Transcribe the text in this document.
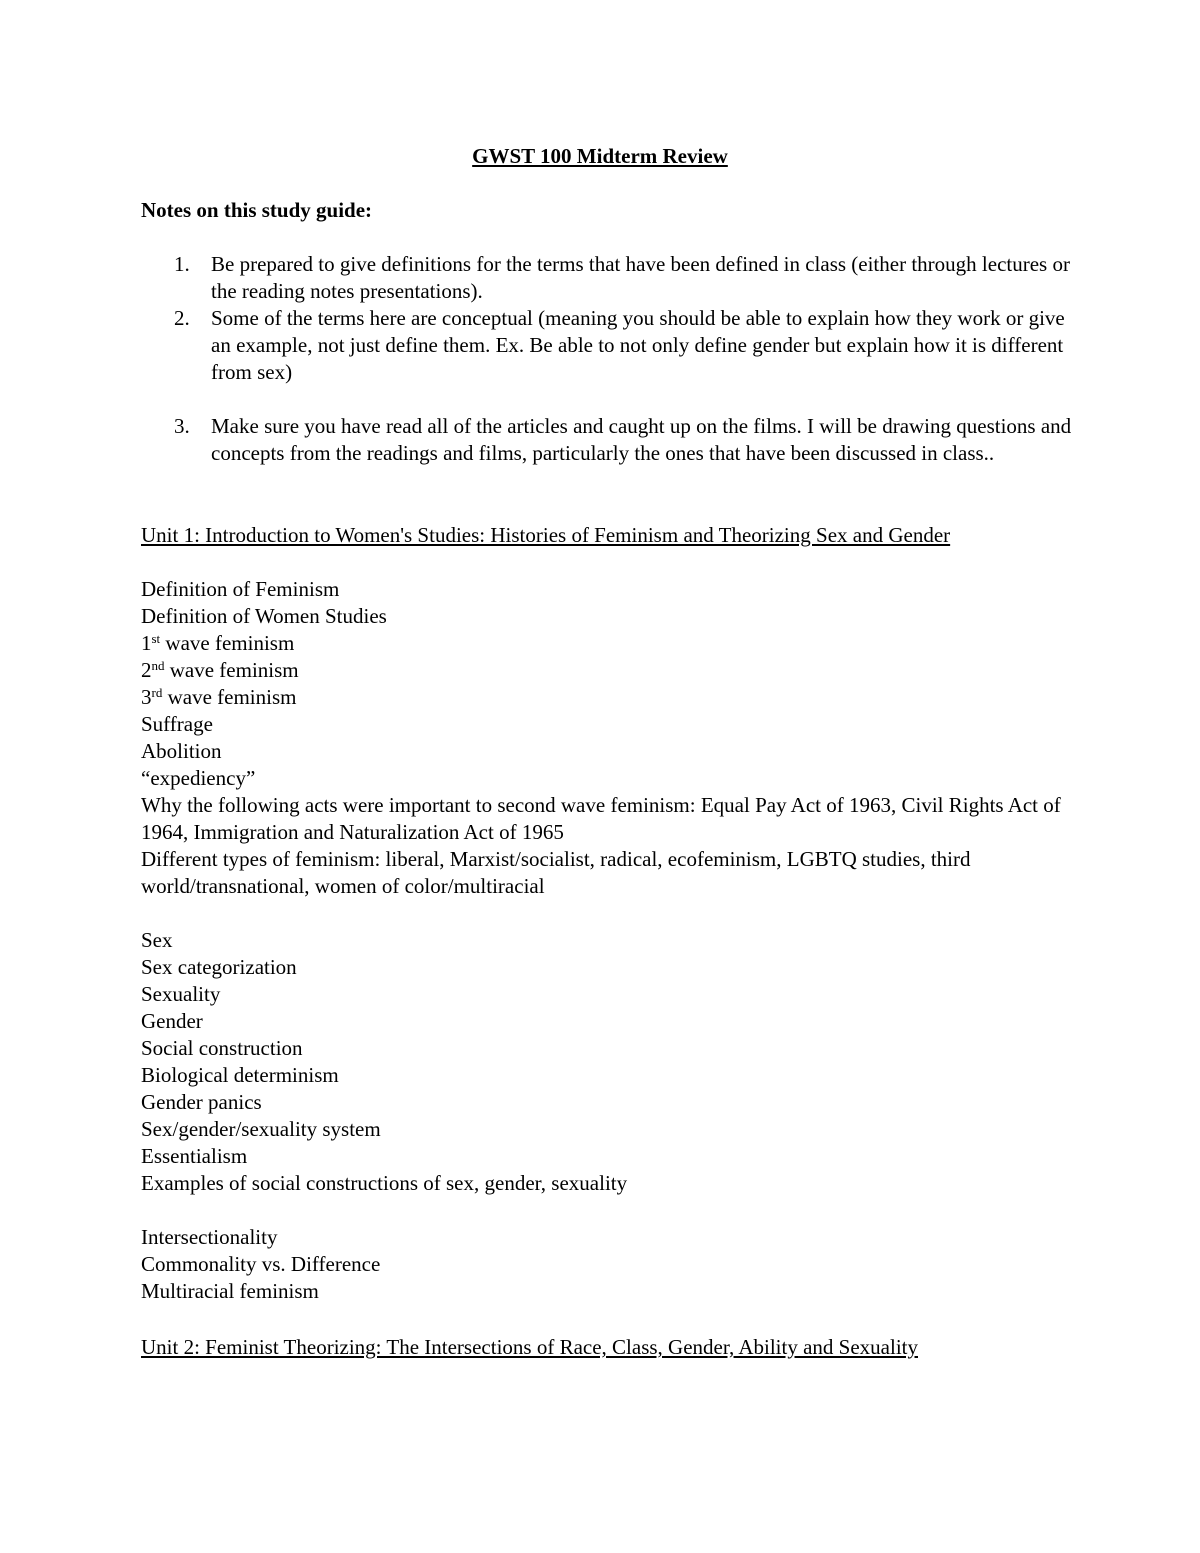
GWST 100 Midterm Review

Notes on this study guide:

1. Be prepared to give definitions for the terms that have been defined in class (either through lectures or the reading notes presentations).
2. Some of the terms here are conceptual (meaning you should be able to explain how they work or give an example, not just define them. Ex. Be able to not only define gender but explain how it is different from sex)
3. Make sure you have read all of the articles and caught up on the films. I will be drawing questions and concepts from the readings and films, particularly the ones that have been discussed in class..

Unit 1: Introduction to Women's Studies: Histories of Feminism and Theorizing Sex and Gender

Definition of Feminism
Definition of Women Studies
1st wave feminism
2nd wave feminism
3rd wave feminism
Suffrage
Abolition
“expediency”
Why the following acts were important to second wave feminism: Equal Pay Act of 1963, Civil Rights Act of 1964, Immigration and Naturalization Act of 1965
Different types of feminism: liberal, Marxist/socialist, radical, ecofeminism, LGBTQ studies, third world/transnational, women of color/multiracial
Sex
Sex categorization
Sexuality
Gender
Social construction
Biological determinism
Gender panics
Sex/gender/sexuality system
Essentialism
Examples of social constructions of sex, gender, sexuality
Intersectionality
Commonality vs. Difference
Multiracial feminism

Unit 2: Feminist Theorizing: The Intersections of Race, Class, Gender, Ability and Sexuality
